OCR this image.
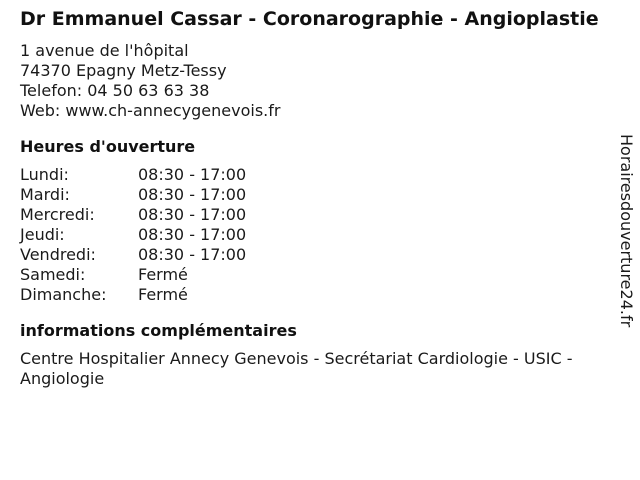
Dr Emmanuel Cassar - Coronarographie - Angioplastie
1 avenue de l'hôpital
74370 Epagny Metz-Tessy
Telefon: 04 50 63 63 38
Web: www.ch-annecygenevois.fr
Heures d'ouverture
Lundi:	08:30 - 17:00
Mardi:	08:30 - 17:00
Mercredi:	08:30 - 17:00
Jeudi:	08:30 - 17:00
Vendredi:	08:30 - 17:00
Samedi:	Fermé
Dimanche:	Fermé
informations complémentaires

Centre Hospitalier Annecy Genevois - Secrétariat Cardiologie - USIC - Angiologie

Horairesdouverture24.fr
